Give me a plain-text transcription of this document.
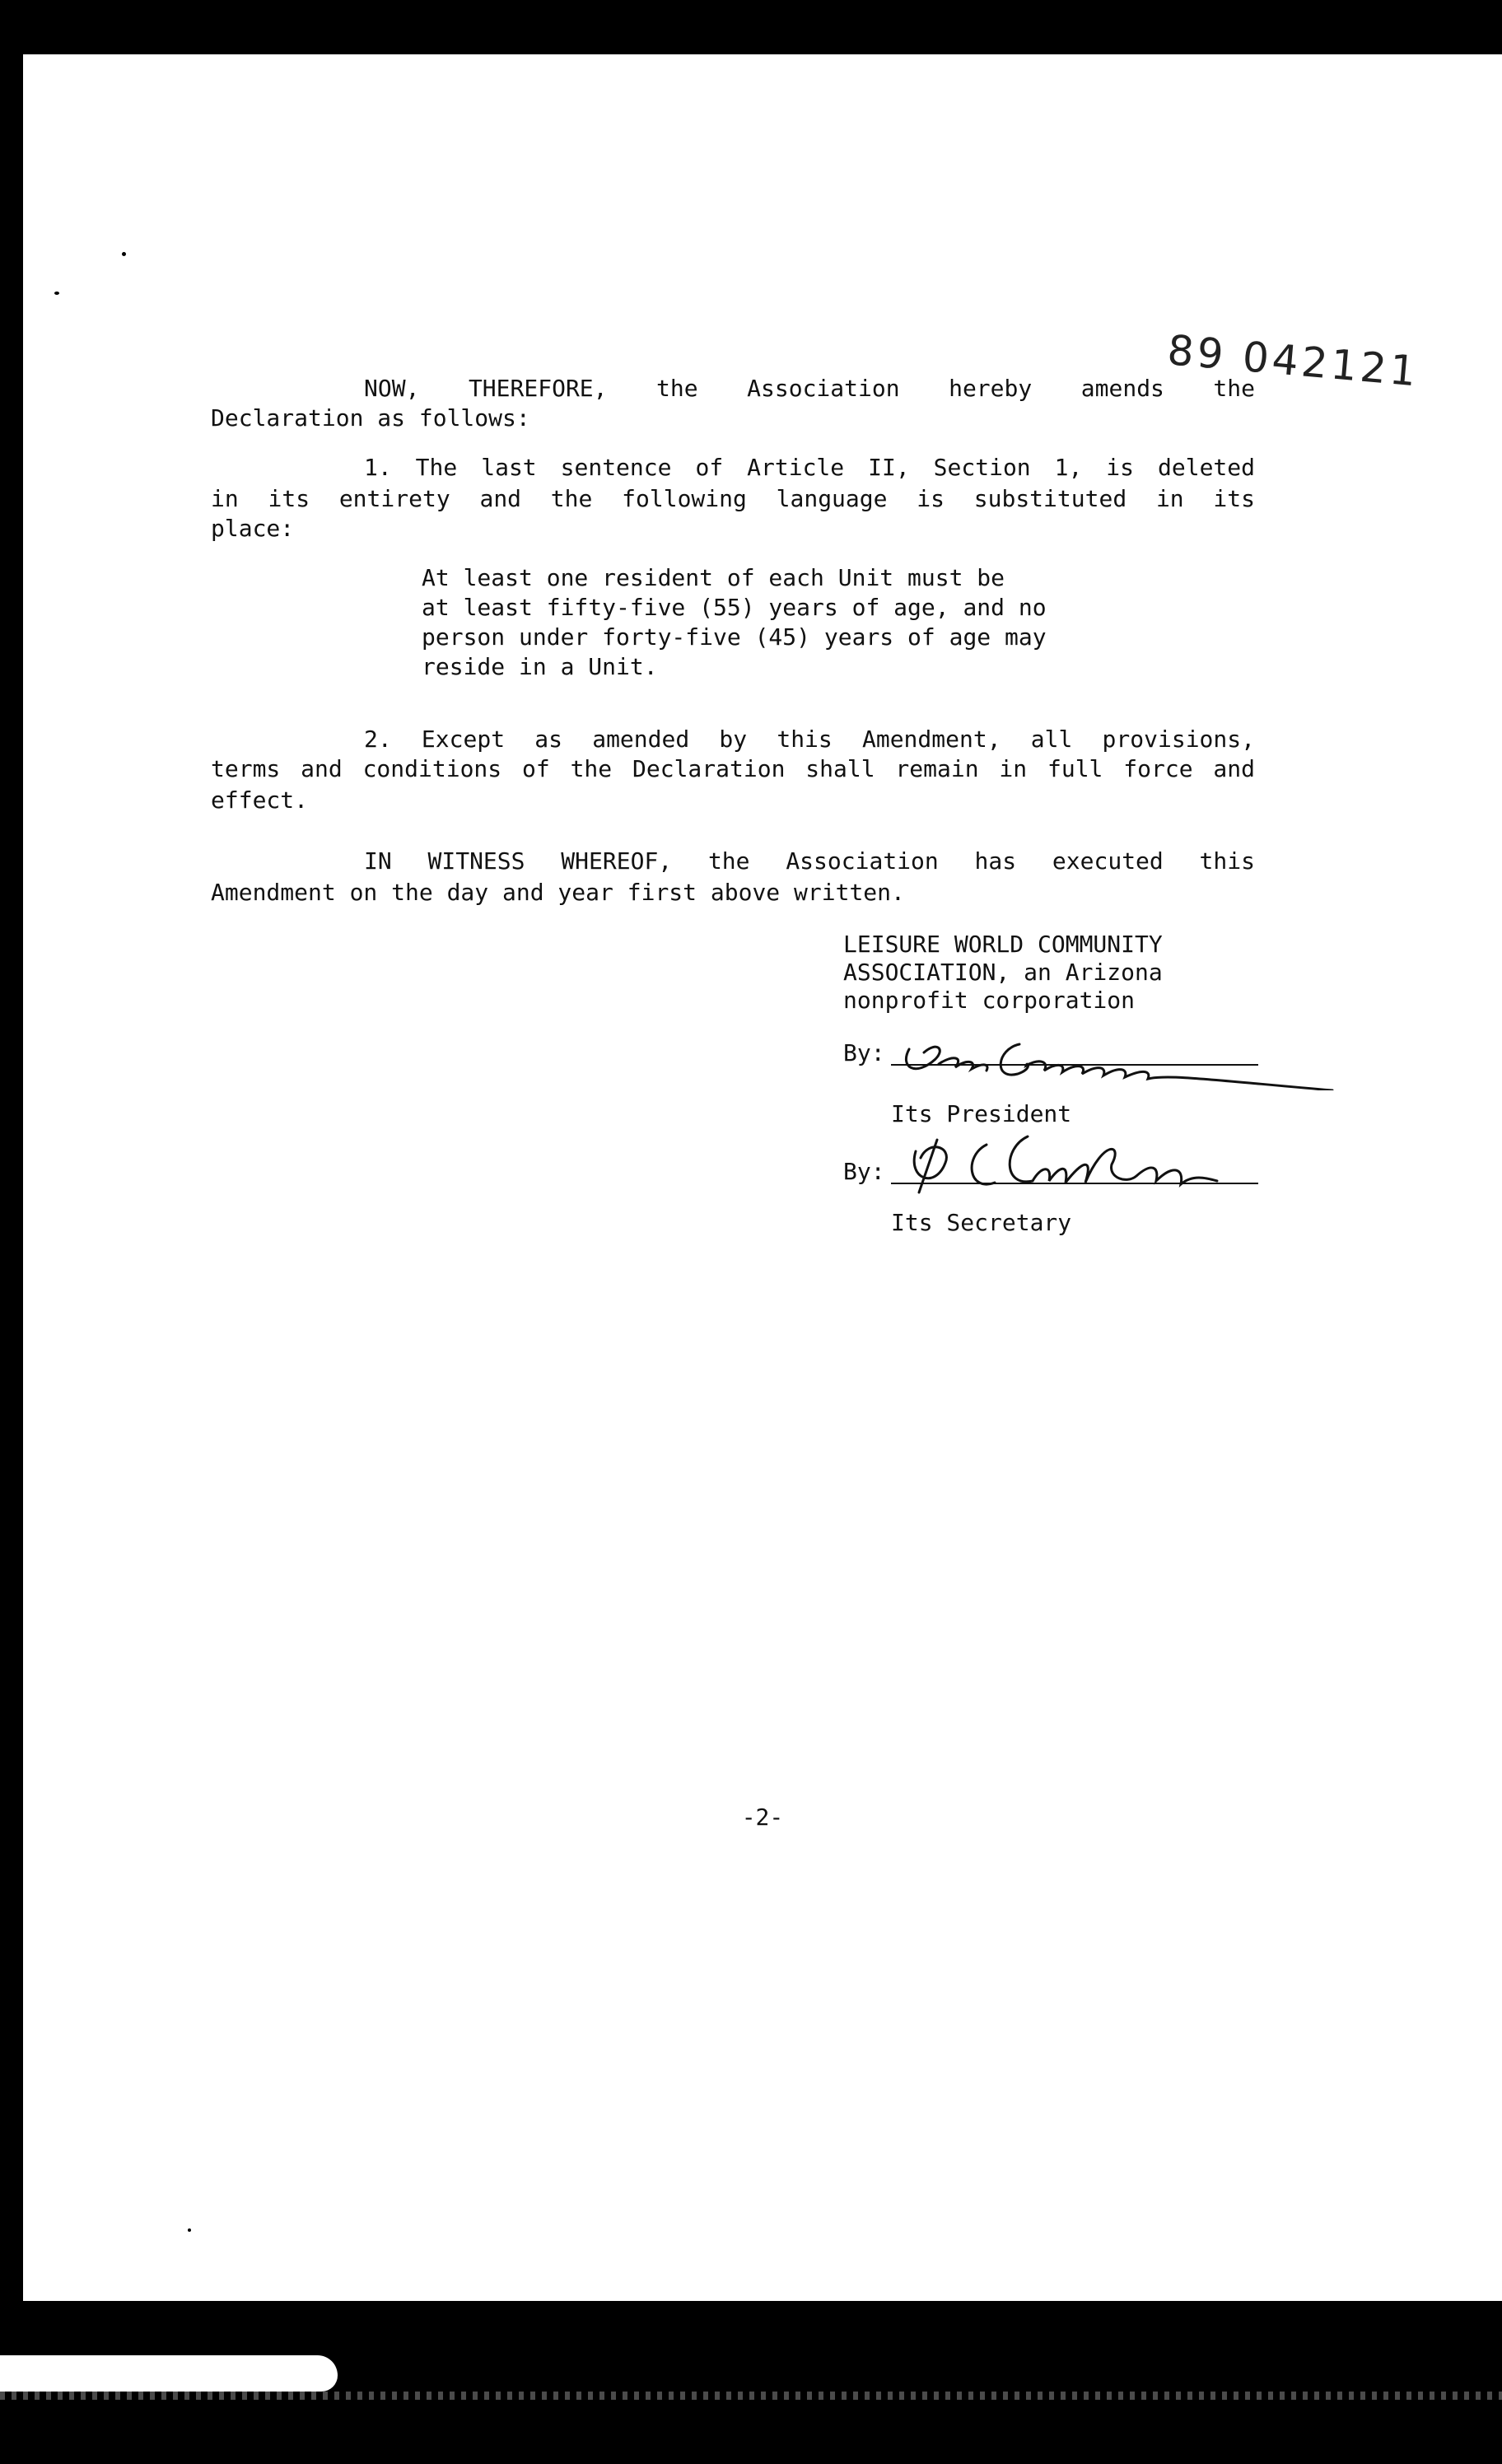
89 042121
NOW, THEREFORE, the Association hereby amends the
Declaration as follows:
1. The last sentence of Article II, Section 1, is deleted
in its entirety and the following language is substituted in its
place:
At least one resident of each Unit must be
at least fifty-five (55) years of age, and no
person under forty-five (45) years of age may
reside in a Unit.
2. Except as amended by this Amendment, all provisions,
terms and conditions of the Declaration shall remain in full force and
effect.
IN WITNESS WHEREOF, the Association has executed this
Amendment on the day and year first above written.
LEISURE WORLD COMMUNITY
ASSOCIATION, an Arizona
nonprofit corporation
By:
Its President
By:
Its Secretary
-2-
